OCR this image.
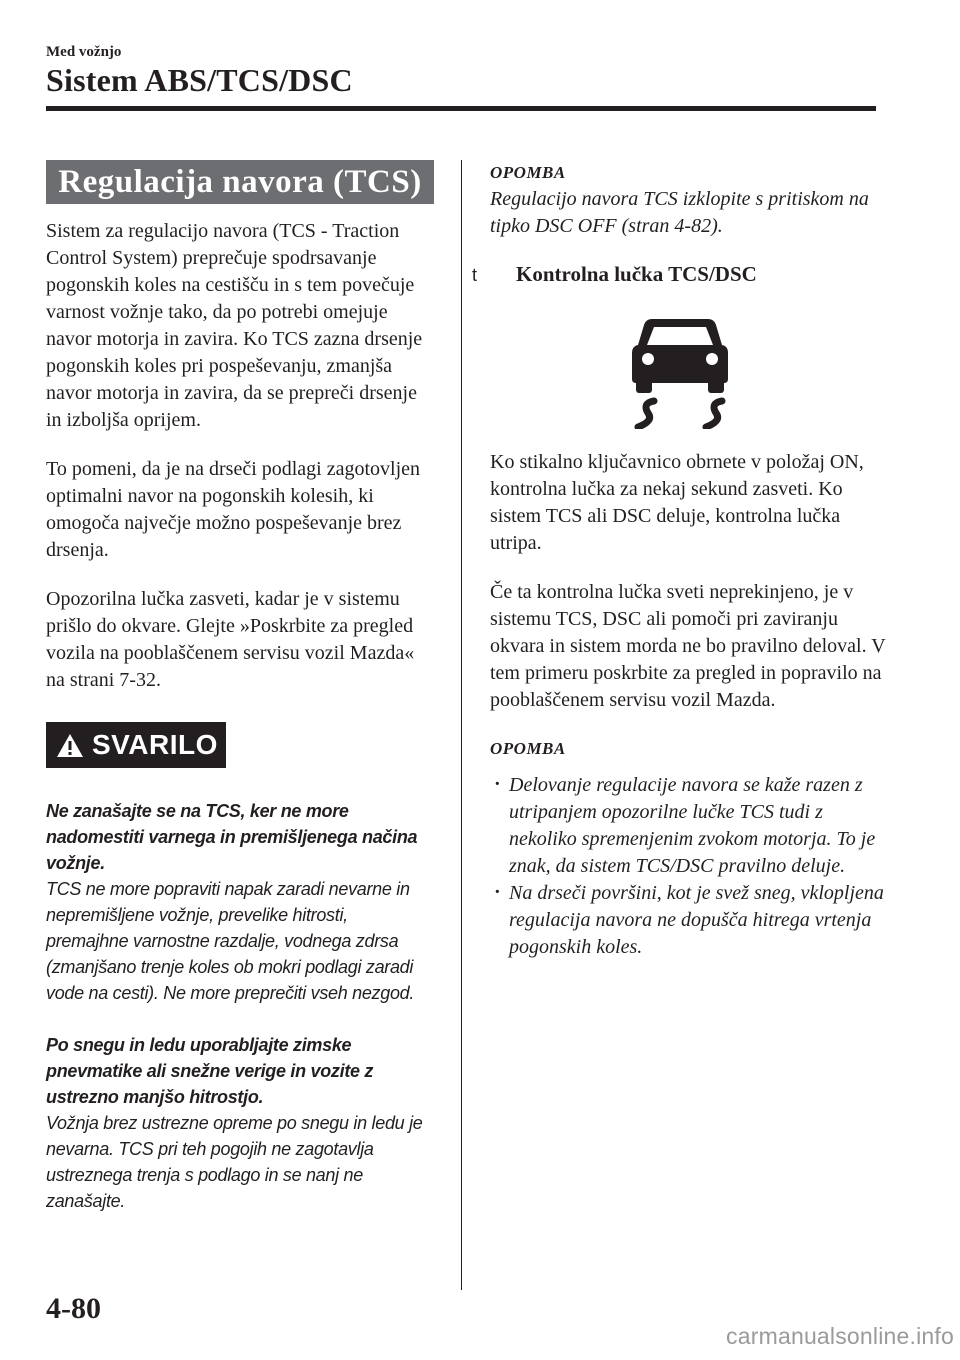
Med vožnjo
Sistem ABS/TCS/DSC
Regulacija navora (TCS)

Sistem za regulacijo navora (TCS - Traction Control System) preprečuje spodrsavanje pogonskih koles na cestišču in s tem povečuje varnost vožnje tako, da po potrebi omejuje navor motorja in zavira. Ko TCS zazna drsenje pogonskih koles pri pospeševanju, zmanjša navor motorja in zavira, da se prepreči drsenje in izboljša oprijem.

To pomeni, da je na drseči podlagi zagotovljen optimalni navor na pogonskih kolesih, ki omogoča največje možno pospeševanje brez drsenja.

Opozorilna lučka zasveti, kadar je v sistemu prišlo do okvare. Glejte »Poskrbite za pregled vozila na pooblaščenem servisu vozil Mazda« na strani 7-32.

SVARILO
Ne zanašajte se na TCS, ker ne more nadomestiti varnega in premišljenega načina vožnje.
TCS ne more popraviti napak zaradi nevarne in nepremišljene vožnje, prevelike hitrosti, premajhne varnostne razdalje, vodnega zdrsa (zmanjšano trenje koles ob mokri podlagi zaradi vode na cesti). Ne more preprečiti vseh nezgod.
Po snegu in ledu uporabljajte zimske pnevmatike ali snežne verige in vozite z ustrezno manjšo hitrostjo.
Vožnja brez ustrezne opreme po snegu in ledu je nevarna. TCS pri teh pogojih ne zagotavlja ustreznega trenja s podlago in se nanj ne zanašajte.

OPOMBA

Regulacijo navora TCS izklopite s pritiskom na tipko DSC OFF (stran 4-82).

t	Kontrolna lučka TCS/DSC

Ko stikalno ključavnico obrnete v položaj ON, kontrolna lučka za nekaj sekund zasveti. Ko sistem TCS ali DSC deluje, kontrolna lučka utripa.

Če ta kontrolna lučka sveti neprekinjeno, je v sistemu TCS, DSC ali pomoči pri zaviranju okvara in sistem morda ne bo pravilno deloval. V tem primeru poskrbite za pregled in popravilo na pooblaščenem servisu vozil Mazda.

OPOMBA

· Delovanje regulacije navora se kaže razen z utripanjem opozorilne lučke TCS tudi z nekoliko spremenjenim zvokom motorja. To je znak, da sistem TCS/DSC pravilno deluje.
· Na drseči površini, kot je svež sneg, vklopljena regulacija navora ne dopušča hitrega vrtenja pogonskih koles.
4-80
carmanualsonline.info
